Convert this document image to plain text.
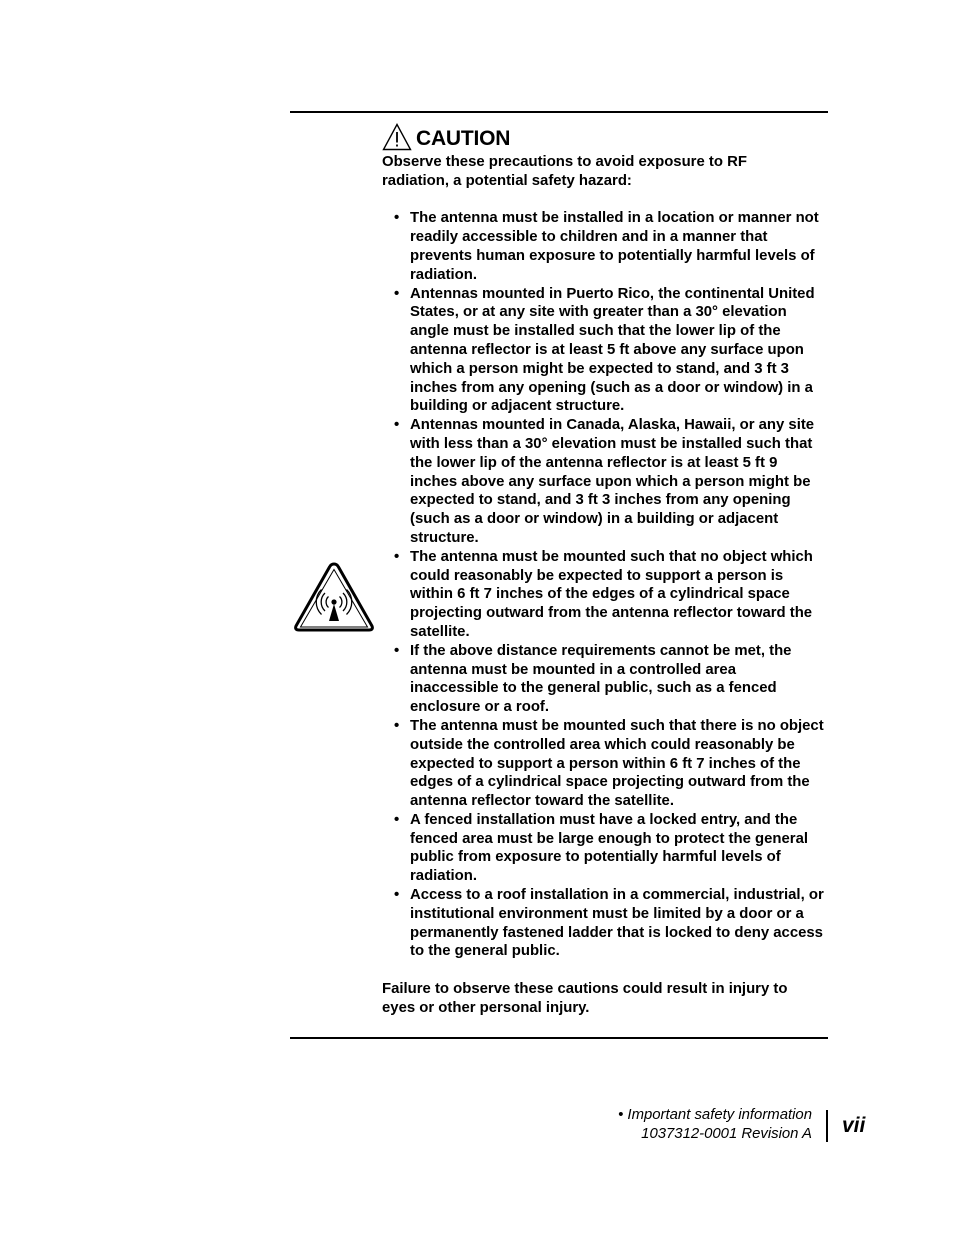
CAUTION

Observe these precautions to avoid exposure to RF radiation, a potential safety hazard:

• The antenna must be installed in a location or manner not readily accessible to children and in a manner that prevents human exposure to potentially harmful levels of radiation.
• Antennas mounted in Puerto Rico, the continental United States, or at any site with greater than a 30° elevation angle must be installed such that the lower lip of the antenna reflector is at least 5 ft above any surface upon which a person might be expected to stand, and 3 ft 3 inches from any opening (such as a door or window) in a building or adjacent structure.
• Antennas mounted in Canada, Alaska, Hawaii, or any site with less than a 30° elevation must be installed such that the lower lip of the antenna reflector is at least 5 ft 9 inches above any surface upon which a person might be expected to stand, and 3 ft 3 inches from any opening (such as a door or window) in a building or adjacent structure.
• The antenna must be mounted such that no object which could reasonably be expected to support a person is within 6 ft 7 inches of the edges of a cylindrical space projecting outward from the antenna reflector toward the satellite.
• If the above distance requirements cannot be met, the antenna must be mounted in a controlled area inaccessible to the general public, such as a fenced enclosure or a roof.
• The antenna must be mounted such that there is no object outside the controlled area which could reasonably be expected to support a person within 6 ft 7 inches of the edges of a cylindrical space projecting outward from the antenna reflector toward the satellite.
• A fenced installation must have a locked entry, and the fenced area must be large enough to protect the general public from exposure to potentially harmful levels of radiation.
• Access to a roof installation in a commercial, industrial, or institutional environment must be limited by a door or a permanently fastened ladder that is locked to deny access to the general public.

Failure to observe these cautions could result in injury to eyes or other personal injury.

• Important safety information
1037312-0001 Revision A vii
